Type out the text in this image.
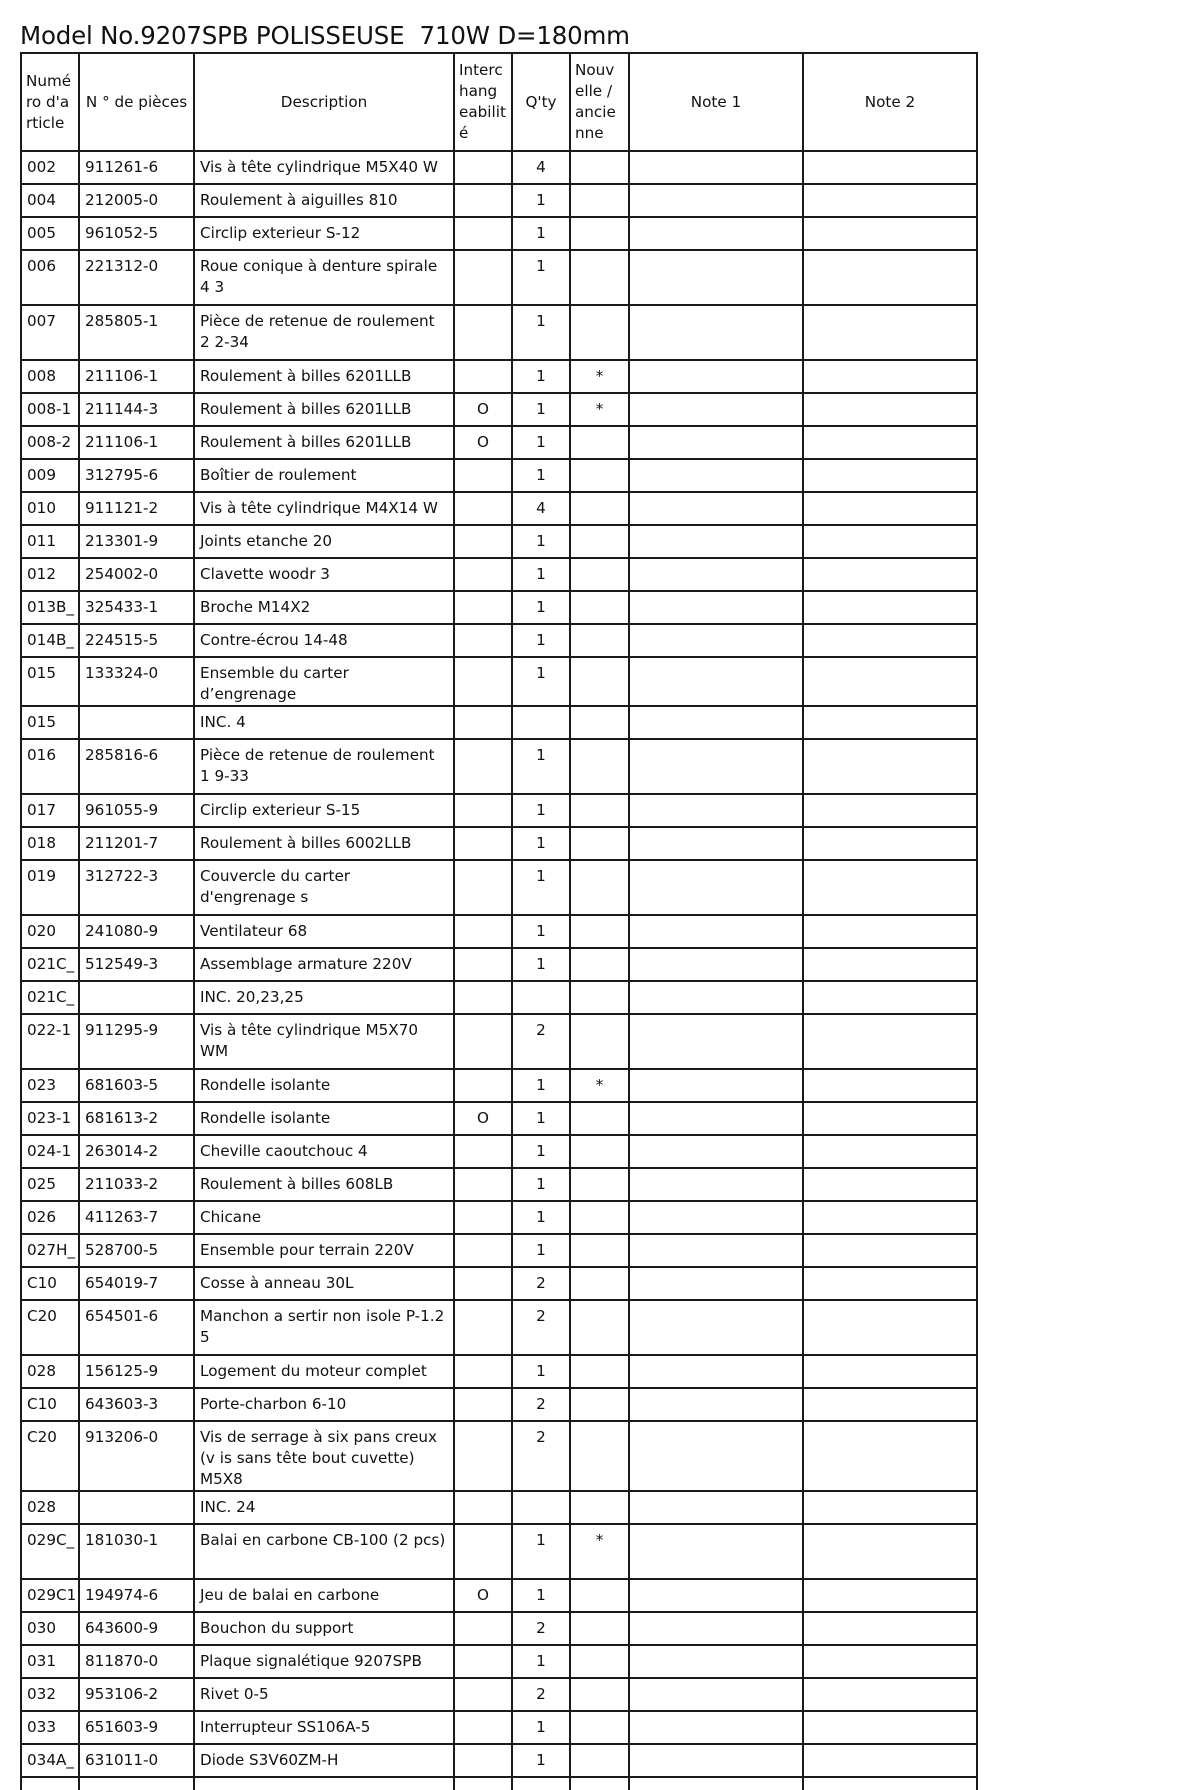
Model No.9207SPB POLISSEUSE  710W D=180mm
Numé ro d'a rticle	N ° de pièces	Description	Interc hang eabilit é	Q'ty	Nouv elle / ancie nne	Note 1	Note 2
002	911261-6	Vis à tête cylindrique M5X40 W		4			
004	212005-0	Roulement à aiguilles 810		1			
005	961052-5	Circlip exterieur S-12		1			
006	221312-0	Roue conique à denture spirale 4 3		1			
007	285805-1	Pièce de retenue de roulement 2 2-34		1			
008	211106-1	Roulement à billes 6201LLB		1	*		
008-1	211144-3	Roulement à billes 6201LLB	O	1	*		
008-2	211106-1	Roulement à billes 6201LLB	O	1			
009	312795-6	Boîtier de roulement		1			
010	911121-2	Vis à tête cylindrique M4X14 W		4			
011	213301-9	Joints etanche 20		1			
012	254002-0	Clavette woodr 3		1			
013B_	325433-1	Broche M14X2		1			
014B_	224515-5	Contre-écrou 14-48		1			
015	133324-0	Ensemble du carter d’engrenage		1			
015		INC. 4					
016	285816-6	Pièce de retenue de roulement 1 9-33		1			
017	961055-9	Circlip exterieur S-15		1			
018	211201-7	Roulement à billes 6002LLB		1			
019	312722-3	Couvercle du carter d'engrenage s		1			
020	241080-9	Ventilateur 68		1			
021C_	512549-3	Assemblage armature 220V		1			
021C_		INC. 20,23,25					
022-1	911295-9	Vis à tête cylindrique M5X70 WM		2			
023	681603-5	Rondelle isolante		1	*		
023-1	681613-2	Rondelle isolante	O	1			
024-1	263014-2	Cheville caoutchouc 4		1			
025	211033-2	Roulement à billes 608LB		1			
026	411263-7	Chicane		1			
027H_	528700-5	Ensemble pour terrain 220V		1			
C10	654019-7	Cosse à anneau 30L		2			
C20	654501-6	Manchon a sertir non isole P-1.2 5		2			
028	156125-9	Logement du moteur complet		1			
C10	643603-3	Porte-charbon 6-10		2			
C20	913206-0	Vis de serrage à six pans creux (v is sans tête bout cuvette) M5X8		2			
028		INC. 24					
029C_	181030-1	Balai en carbone CB-100 (2 pcs)		1	*		
029C1	194974-6	Jeu de balai en carbone	O	1			
030	643600-9	Bouchon du support		2			
031	811870-0	Plaque signalétique 9207SPB		1			
032	953106-2	Rivet 0-5		2			
033	651603-9	Interrupteur SS106A-5		1			
034A_	631011-0	Diode S3V60ZM-H		1			
